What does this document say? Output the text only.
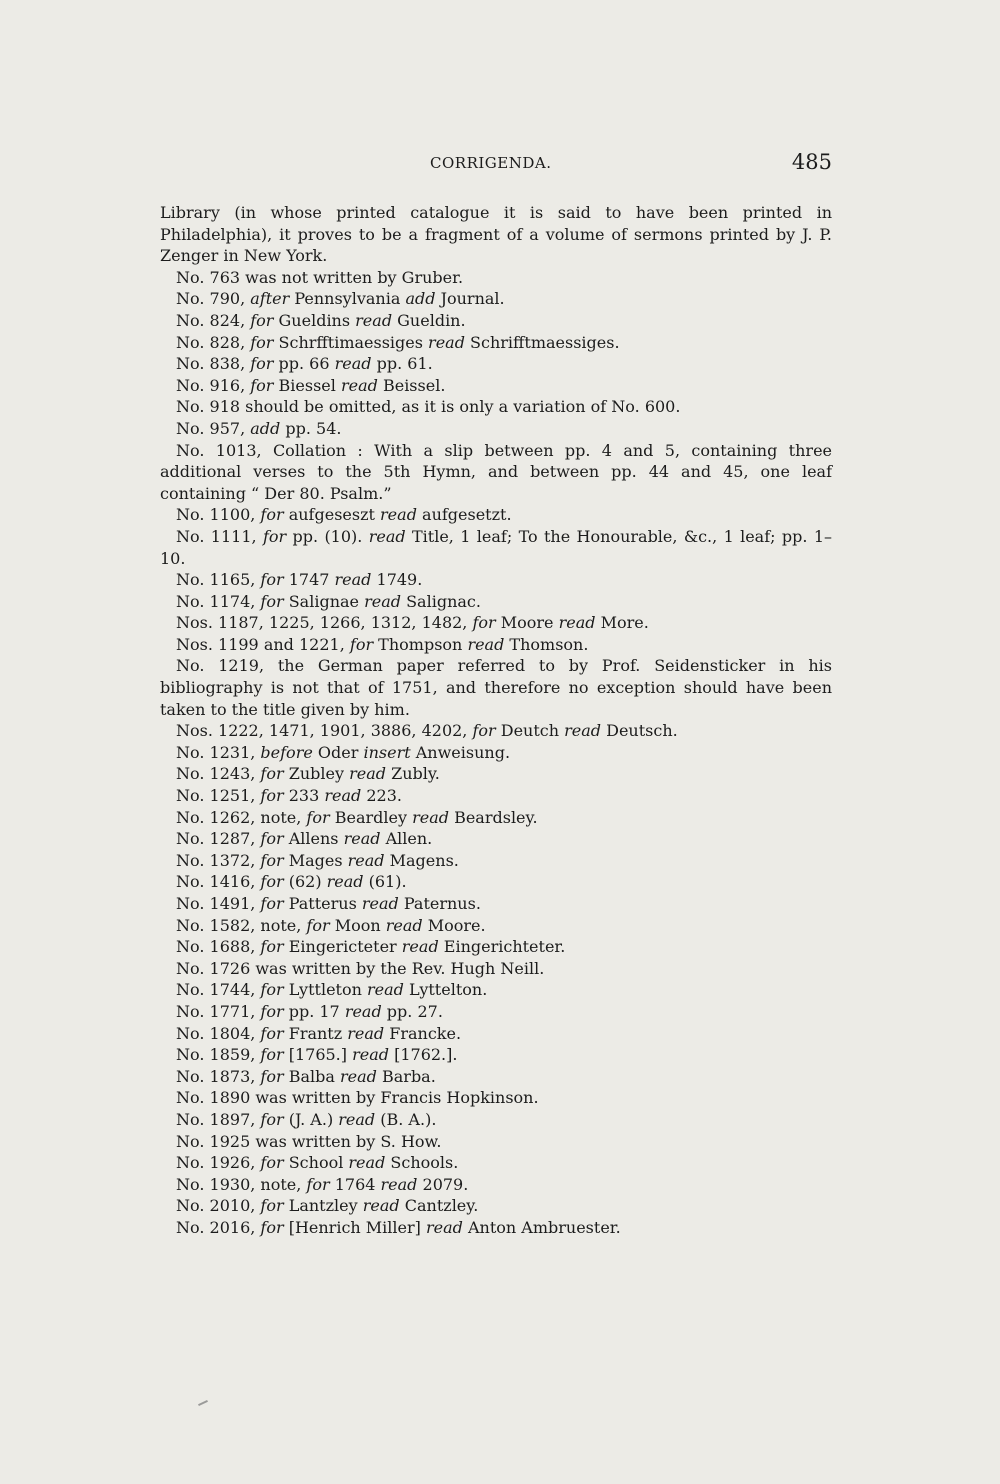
CORRIGENDA.	485

Library (in whose printed catalogue it is said to have been printed in Philadelphia), it proves to be a fragment of a volume of sermons printed by J. P. Zenger in New York.

No. 763 was not written by Gruber.

No. 790, after Pennsylvania add Journal.

No. 824, for Gueldins read Gueldin.

No. 828, for Schrfftimaessiges read Schrifftmaessiges.

No. 838, for pp. 66 read pp. 61.

No. 916, for Biessel read Beissel.

No. 918 should be omitted, as it is only a variation of No. 600.

No. 957, add pp. 54.

No. 1013, Collation : With a slip between pp. 4 and 5, containing three additional verses to the 5th Hymn, and between pp. 44 and 45, one leaf containing “ Der 80. Psalm.”

No. 1100, for aufgeseszt read aufgesetzt.

No. 1111, for pp. (10). read Title, 1 leaf; To the Honourable, &c., 1 leaf; pp. 1–10.

No. 1165, for 1747 read 1749.

No. 1174, for Salignae read Salignac.

Nos. 1187, 1225, 1266, 1312, 1482, for Moore read More.

Nos. 1199 and 1221, for Thompson read Thomson.

No. 1219, the German paper referred to by Prof. Seidensticker in his bibliography is not that of 1751, and therefore no exception should have been taken to the title given by him.

Nos. 1222, 1471, 1901, 3886, 4202, for Deutch read Deutsch.

No. 1231, before Oder insert Anweisung.

No. 1243, for Zubley read Zubly.

No. 1251, for 233 read 223.

No. 1262, note, for Beardley read Beardsley.

No. 1287, for Allens read Allen.

No. 1372, for Mages read Magens.

No. 1416, for (62) read (61).

No. 1491, for Patterus read Paternus.

No. 1582, note, for Moon read Moore.

No. 1688, for Eingericteter read Eingerichteter.

No. 1726 was written by the Rev. Hugh Neill.

No. 1744, for Lyttleton read Lyttelton.

No. 1771, for pp. 17 read pp. 27.

No. 1804, for Frantz read Francke.

No. 1859, for [1765.] read [1762.].

No. 1873, for Balba read Barba.

No. 1890 was written by Francis Hopkinson.

No. 1897, for (J. A.) read (B. A.).

No. 1925 was written by S. How.

No. 1926, for School read Schools.

No. 1930, note, for 1764 read 2079.

No. 2010, for Lantzley read Cantzley.

No. 2016, for [Henrich Miller] read Anton Ambruester.
